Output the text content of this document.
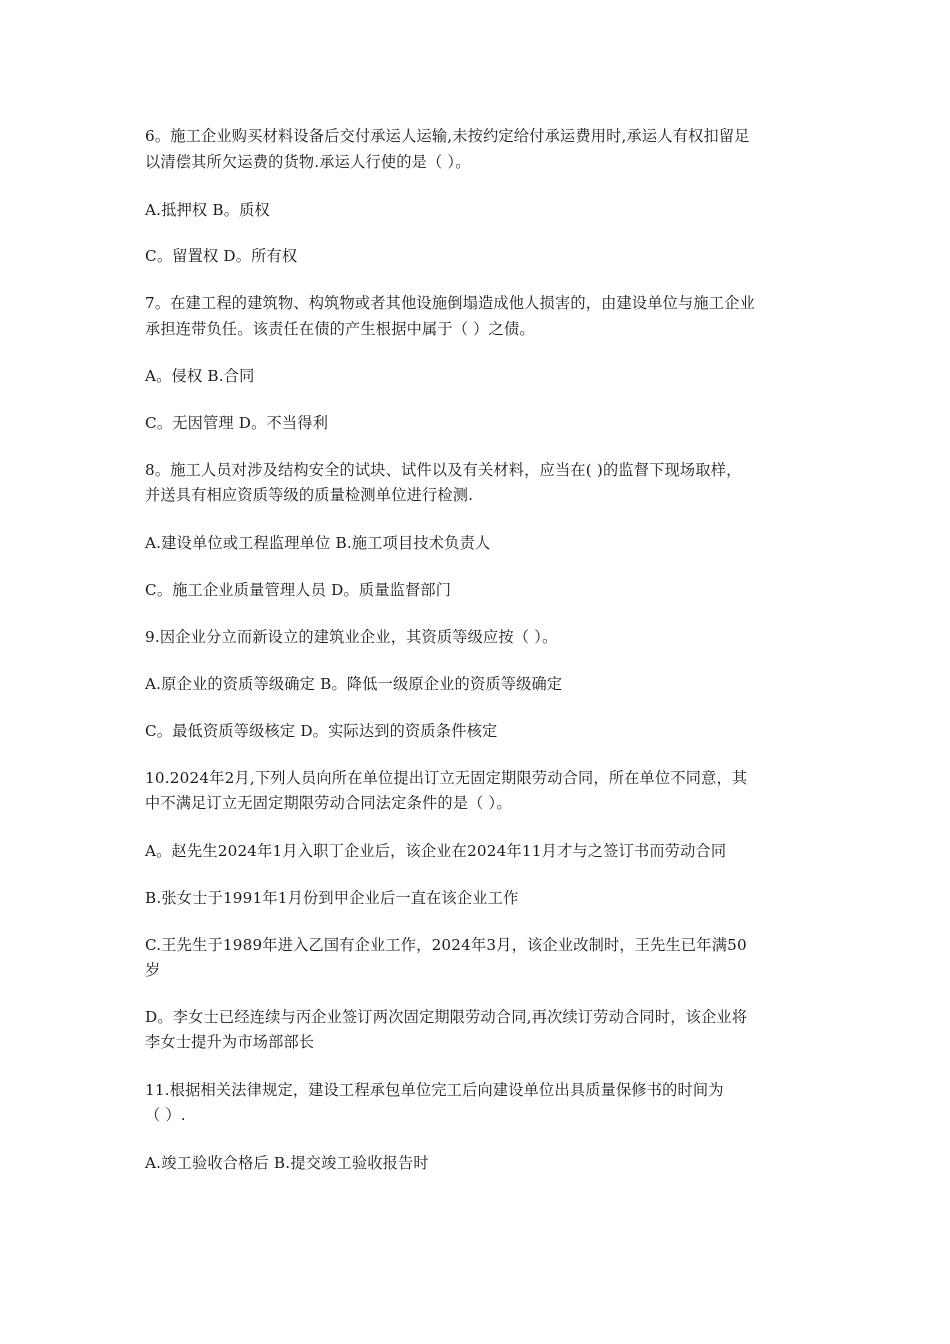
6。施工企业购买材料设备后交付承运人运输,未按约定给付承运费用时,承运人有权扣留足
以清偿其所欠运费的货物.承运人行使的是（ ）。
A.抵押权 B。质权
C。留置权 D。所有权
7。在建工程的建筑物、构筑物或者其他设施倒塌造成他人损害的，由建设单位与施工企业
承担连带负任。该责任在债的产生根据中属于（ ）之债。
A。侵权 B.合同
C。无因管理 D。不当得利
8。施工人员对涉及结构安全的试块、试件以及有关材料，应当在( )的监督下现场取样，
并送具有相应资质等级的质量检测单位进行检测.
A.建设单位或工程监理单位 B.施工项目技术负责人
C。施工企业质量管理人员 D。质量监督部门
9.因企业分立而新设立的建筑业企业，其资质等级应按（ ）。
A.原企业的资质等级确定 B。降低一级原企业的资质等级确定
C。最低资质等级核定 D。实际达到的资质条件核定
10.2024年2月,下列人员向所在单位提出订立无固定期限劳动合同，所在单位不同意，其
中不满足订立无固定期限劳动合同法定条件的是（ ）。
A。赵先生2024年1月入职丁企业后，该企业在2024年11月才与之签订书而劳动合同
B.张女士于1991年1月份到甲企业后一直在该企业工作
C.王先生于1989年进入乙国有企业工作，2024年3月，该企业改制时，王先生已年满50
岁
D。李女士已经连续与丙企业签订两次固定期限劳动合同,再次续订劳动合同时，该企业将
李女士提升为市场部部长
11.根据相关法律规定，建设工程承包单位完工后向建设单位出具质量保修书的时间为
（ ）.
A.竣工验收合格后 B.提交竣工验收报告时
